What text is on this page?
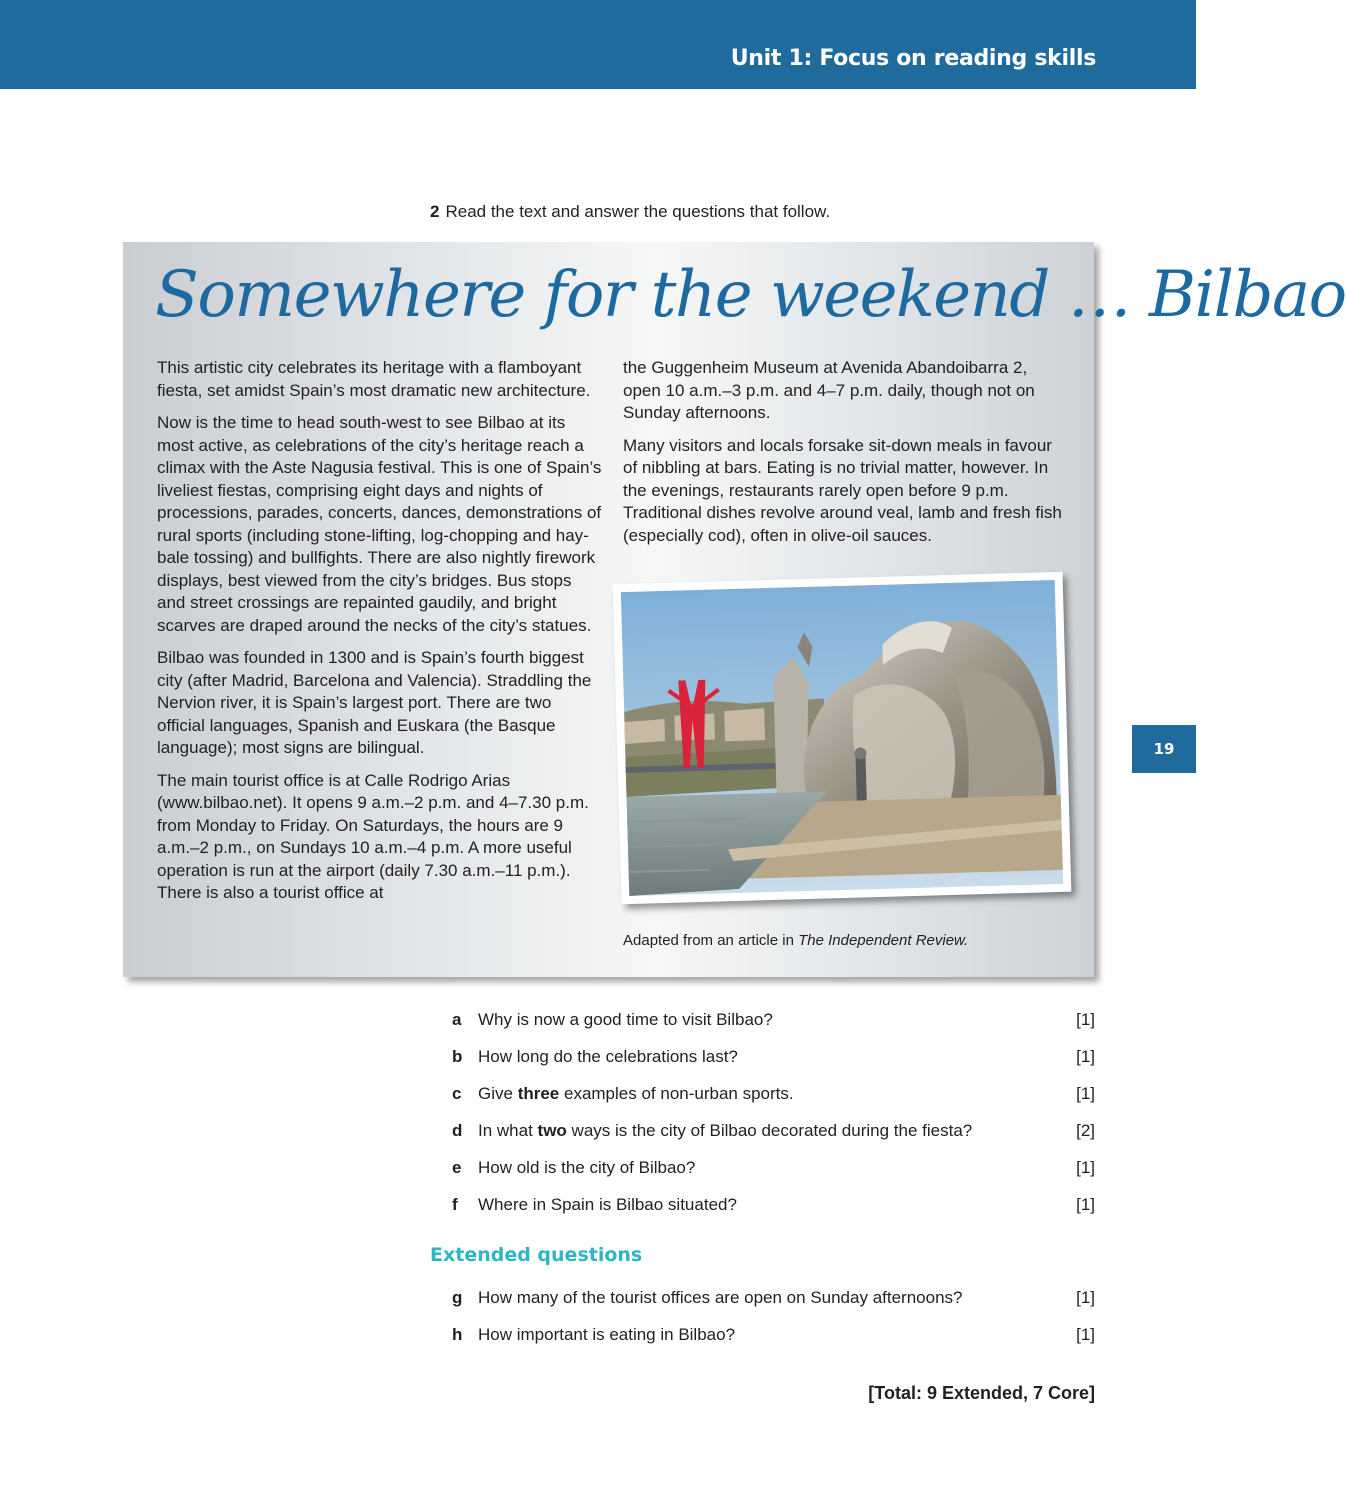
Unit 1: Focus on reading skills
19
2 Read the text and answer the questions that follow.
Somewhere for the weekend … Bilbao

This artistic city celebrates its heritage with a flamboyant fiesta, set amidst Spain’s most dramatic new architecture.

Now is the time to head south-west to see Bilbao at its most active, as celebrations of the city’s heritage reach a climax with the Aste Nagusia festival. This is one of Spain’s liveliest fiestas, comprising eight days and nights of processions, parades, concerts, dances, demonstrations of rural sports (including stone-lifting, log-chopping and hay-bale tossing) and bullfights. There are also nightly firework displays, best viewed from the city’s bridges. Bus stops and street crossings are repainted gaudily, and bright scarves are draped around the necks of the city’s statues.

Bilbao was founded in 1300 and is Spain’s fourth biggest city (after Madrid, Barcelona and Valencia). Straddling the Nervion river, it is Spain’s largest port. There are two official languages, Spanish and Euskara (the Basque language); most signs are bilingual.

The main tourist office is at Calle Rodrigo Arias (www.bilbao.net). It opens 9 a.m.–2 p.m. and 4–7.30 p.m. from Monday to Friday. On Saturdays, the hours are 9 a.m.–2 p.m., on Sundays 10 a.m.–4 p.m. A more useful operation is run at the airport (daily 7.30 a.m.–11 p.m.). There is also a tourist office at

the Guggenheim Museum at Avenida Abandoibarra 2, open 10 a.m.–3 p.m. and 4–7 p.m. daily, though not on Sunday afternoons.

Many visitors and locals forsake sit-down meals in favour of nibbling at bars. Eating is no trivial matter, however. In the evenings, restaurants rarely open before 9 p.m. Traditional dishes revolve around veal, lamb and fresh fish (especially cod), often in olive-oil sauces.

Adapted from an article in The Independent Review.
a Why is now a good time to visit Bilbao?	[1]
b How long do the celebrations last?	[1]
c Give three examples of non-urban sports.	[1]
d In what two ways is the city of Bilbao decorated during the fiesta?	[2]
e How old is the city of Bilbao?	[1]
f Where in Spain is Bilbao situated?	[1]
Extended questions
g How many of the tourist offices are open on Sunday afternoons?	[1]
h How important is eating in Bilbao?	[1]
[Total: 9 Extended, 7 Core]
